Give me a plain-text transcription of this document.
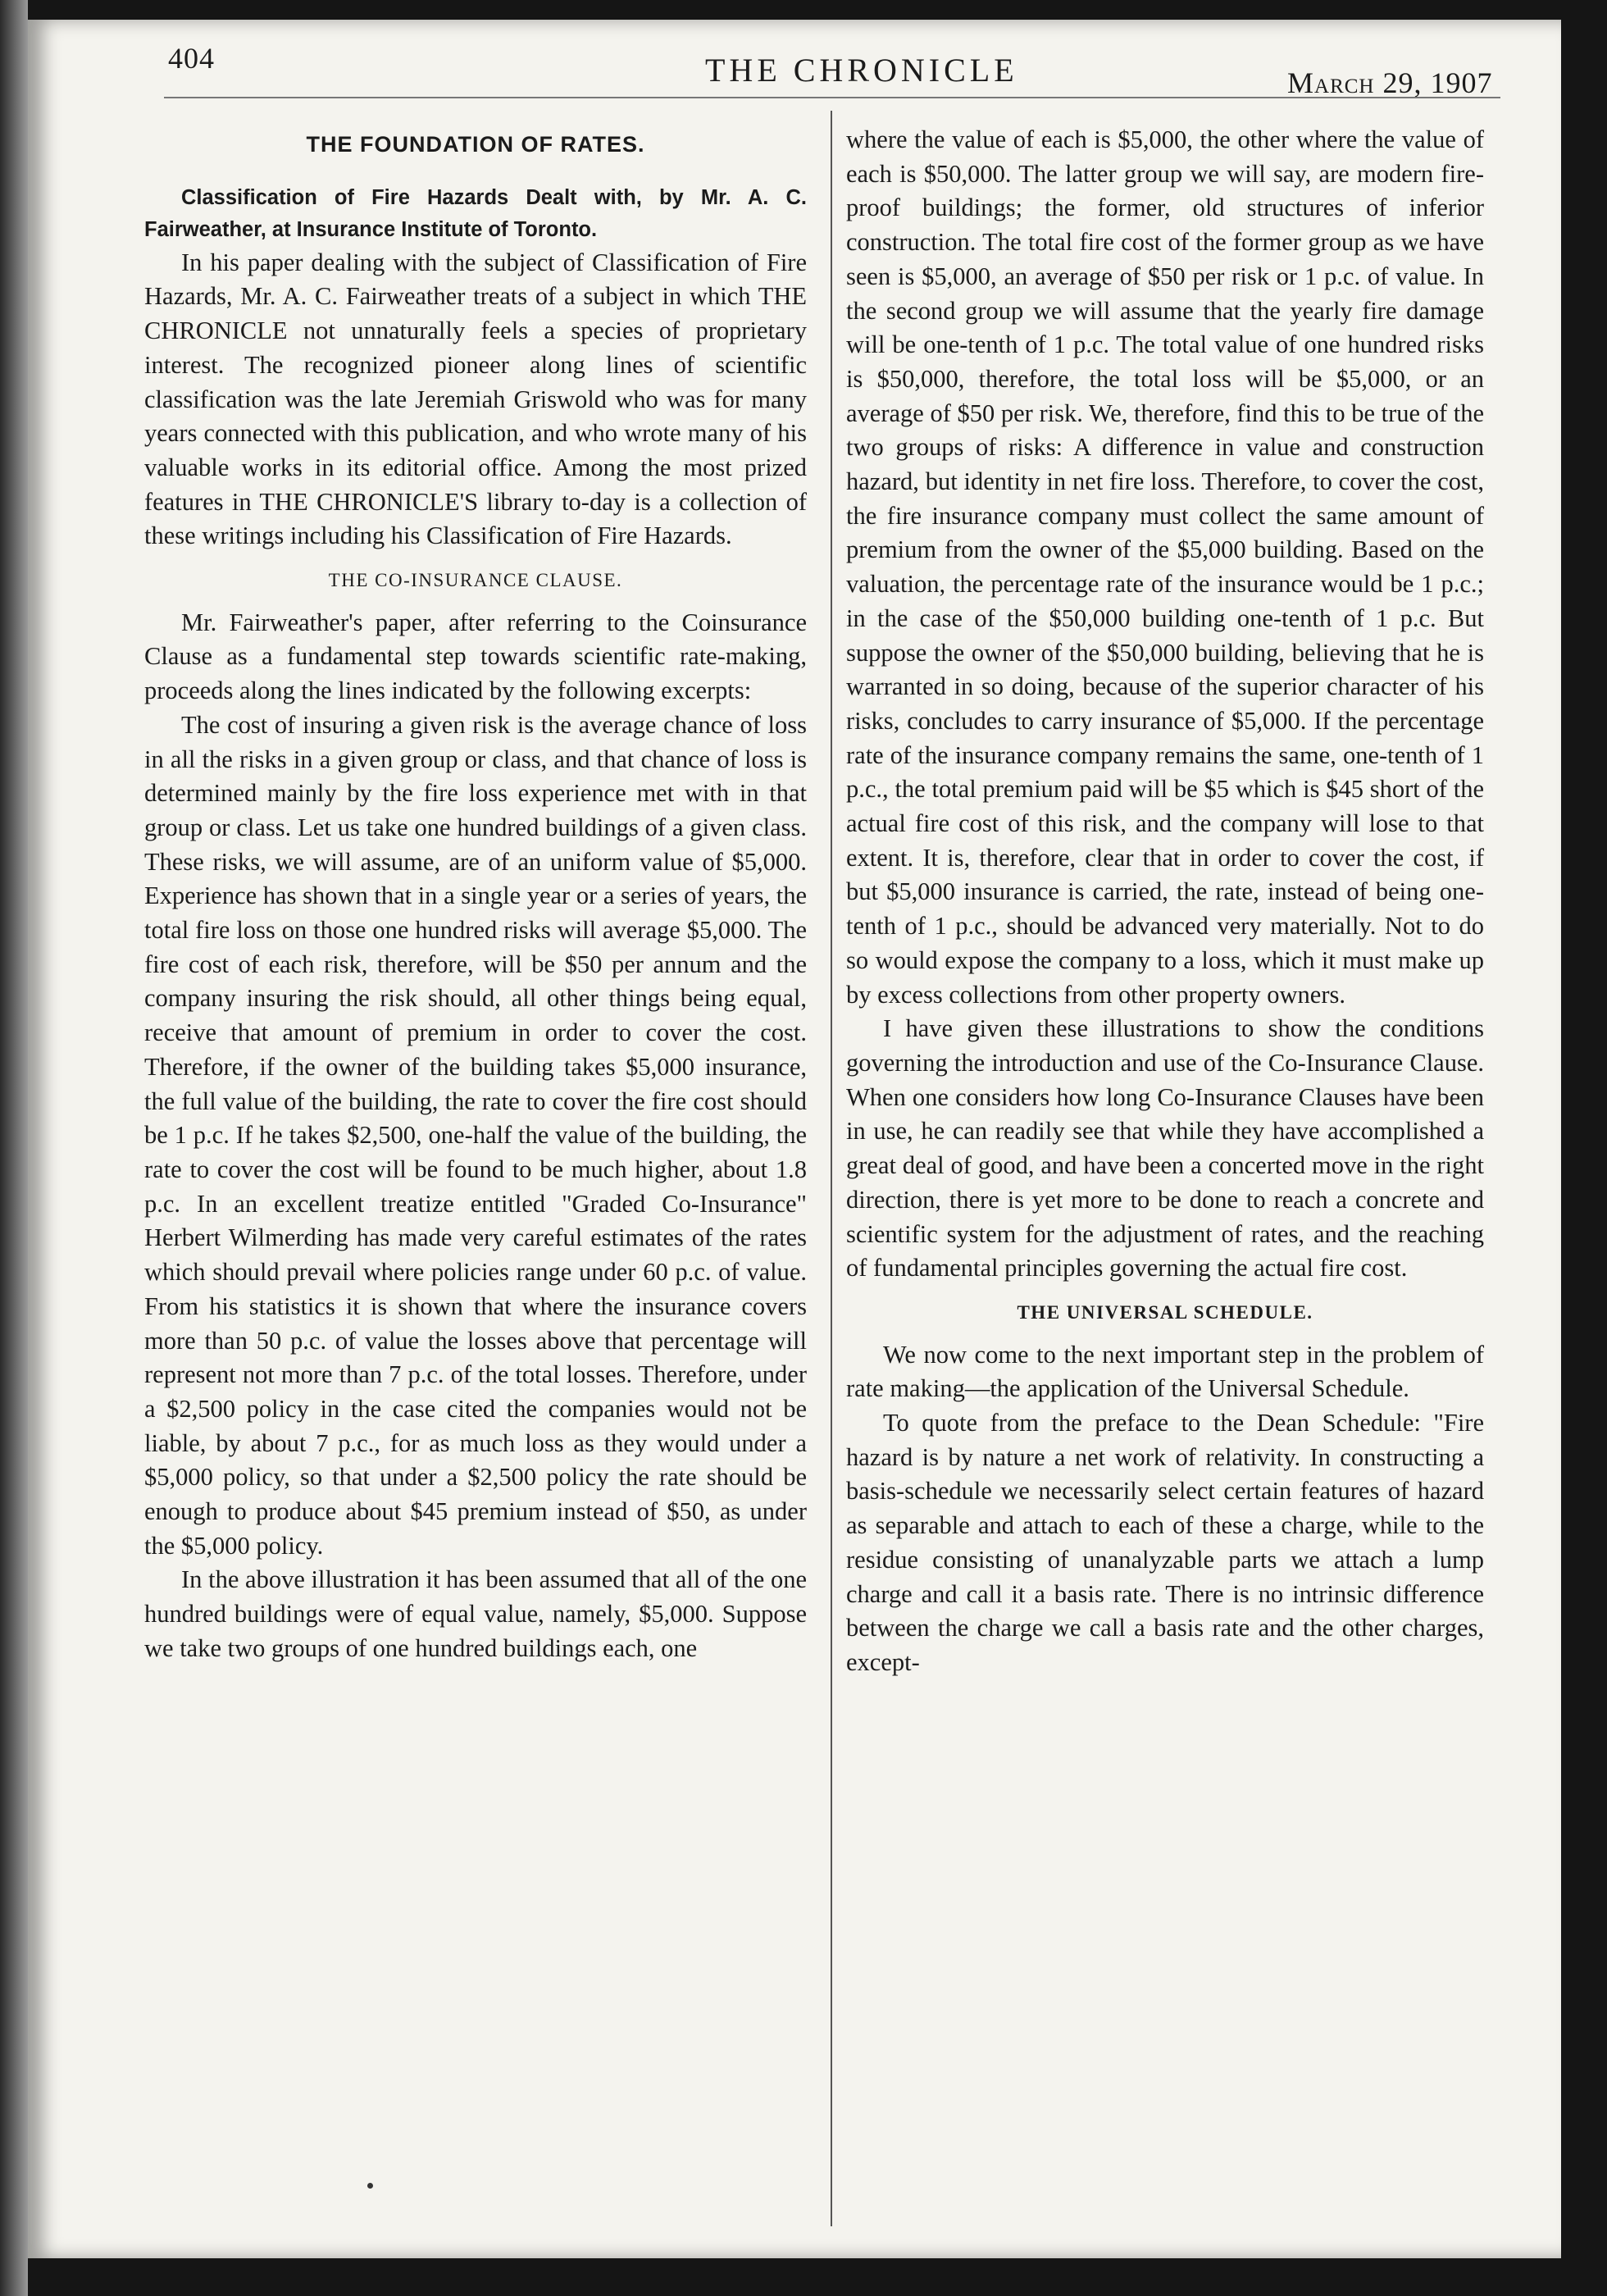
404	THE CHRONICLE	March 29, 1907
THE FOUNDATION OF RATES.

Classification of Fire Hazards Dealt with, by Mr. A. C. Fairweather, at Insurance Institute of Toronto.

In his paper dealing with the subject of Classification of Fire Hazards, Mr. A. C. Fairweather treats of a subject in which THE CHRONICLE not unnaturally feels a species of proprietary interest. The recognized pioneer along lines of scientific classification was the late Jeremiah Griswold who was for many years connected with this publication, and who wrote many of his valuable works in its editorial office. Among the most prized features in THE CHRONICLE'S library to-day is a collection of these writings including his Classification of Fire Hazards.

THE CO-INSURANCE CLAUSE.

Mr. Fairweather's paper, after referring to the Coinsurance Clause as a fundamental step towards scientific rate-making, proceeds along the lines indicated by the following excerpts:

The cost of insuring a given risk is the average chance of loss in all the risks in a given group or class, and that chance of loss is determined mainly by the fire loss experience met with in that group or class. Let us take one hundred buildings of a given class. These risks, we will assume, are of an uniform value of $5,000. Experience has shown that in a single year or a series of years, the total fire loss on those one hundred risks will average $5,000. The fire cost of each risk, therefore, will be $50 per annum and the company insuring the risk should, all other things being equal, receive that amount of premium in order to cover the cost. Therefore, if the owner of the building takes $5,000 insurance, the full value of the building, the rate to cover the fire cost should be 1 p.c. If he takes $2,500, one-half the value of the building, the rate to cover the cost will be found to be much higher, about 1.8 p.c. In an excellent treatize entitled "Graded Co-Insurance" Herbert Wilmerding has made very careful estimates of the rates which should prevail where policies range under 60 p.c. of value. From his statistics it is shown that where the insurance covers more than 50 p.c. of value the losses above that percentage will represent not more than 7 p.c. of the total losses. Therefore, under a $2,500 policy in the case cited the companies would not be liable, by about 7 p.c., for as much loss as they would under a $5,000 policy, so that under a $2,500 policy the rate should be enough to produce about $45 premium instead of $50, as under the $5,000 policy.

In the above illustration it has been assumed that all of the one hundred buildings were of equal value, namely, $5,000. Suppose we take two groups of one hundred buildings each, one

where the value of each is $5,000, the other where the value of each is $50,000. The latter group we will say, are modern fire-proof buildings; the former, old structures of inferior construction. The total fire cost of the former group as we have seen is $5,000, an average of $50 per risk or 1 p.c. of value. In the second group we will assume that the yearly fire damage will be one-tenth of 1 p.c. The total value of one hundred risks is $50,000, therefore, the total loss will be $5,000, or an average of $50 per risk. We, therefore, find this to be true of the two groups of risks: A difference in value and construction hazard, but identity in net fire loss. Therefore, to cover the cost, the fire insurance company must collect the same amount of premium from the owner of the $5,000 building. Based on the valuation, the percentage rate of the insurance would be 1 p.c.; in the case of the $50,000 building one-tenth of 1 p.c. But suppose the owner of the $50,000 building, believing that he is warranted in so doing, because of the superior character of his risks, concludes to carry insurance of $5,000. If the percentage rate of the insurance company remains the same, one-tenth of 1 p.c., the total premium paid will be $5 which is $45 short of the actual fire cost of this risk, and the company will lose to that extent. It is, therefore, clear that in order to cover the cost, if but $5,000 insurance is carried, the rate, instead of being one-tenth of 1 p.c., should be advanced very materially. Not to do so would expose the company to a loss, which it must make up by excess collections from other property owners.

I have given these illustrations to show the conditions governing the introduction and use of the Co-Insurance Clause. When one considers how long Co-Insurance Clauses have been in use, he can readily see that while they have accomplished a great deal of good, and have been a concerted move in the right direction, there is yet more to be done to reach a concrete and scientific system for the adjustment of rates, and the reaching of fundamental principles governing the actual fire cost.

THE UNIVERSAL SCHEDULE.

We now come to the next important step in the problem of rate making—the application of the Universal Schedule.

To quote from the preface to the Dean Schedule: "Fire hazard is by nature a net work of relativity. In constructing a basis-schedule we necessarily select certain features of hazard as separable and attach to each of these a charge, while to the residue consisting of unanalyzable parts we attach a lump charge and call it a basis rate. There is no intrinsic difference between the charge we call a basis rate and the other charges, except-
